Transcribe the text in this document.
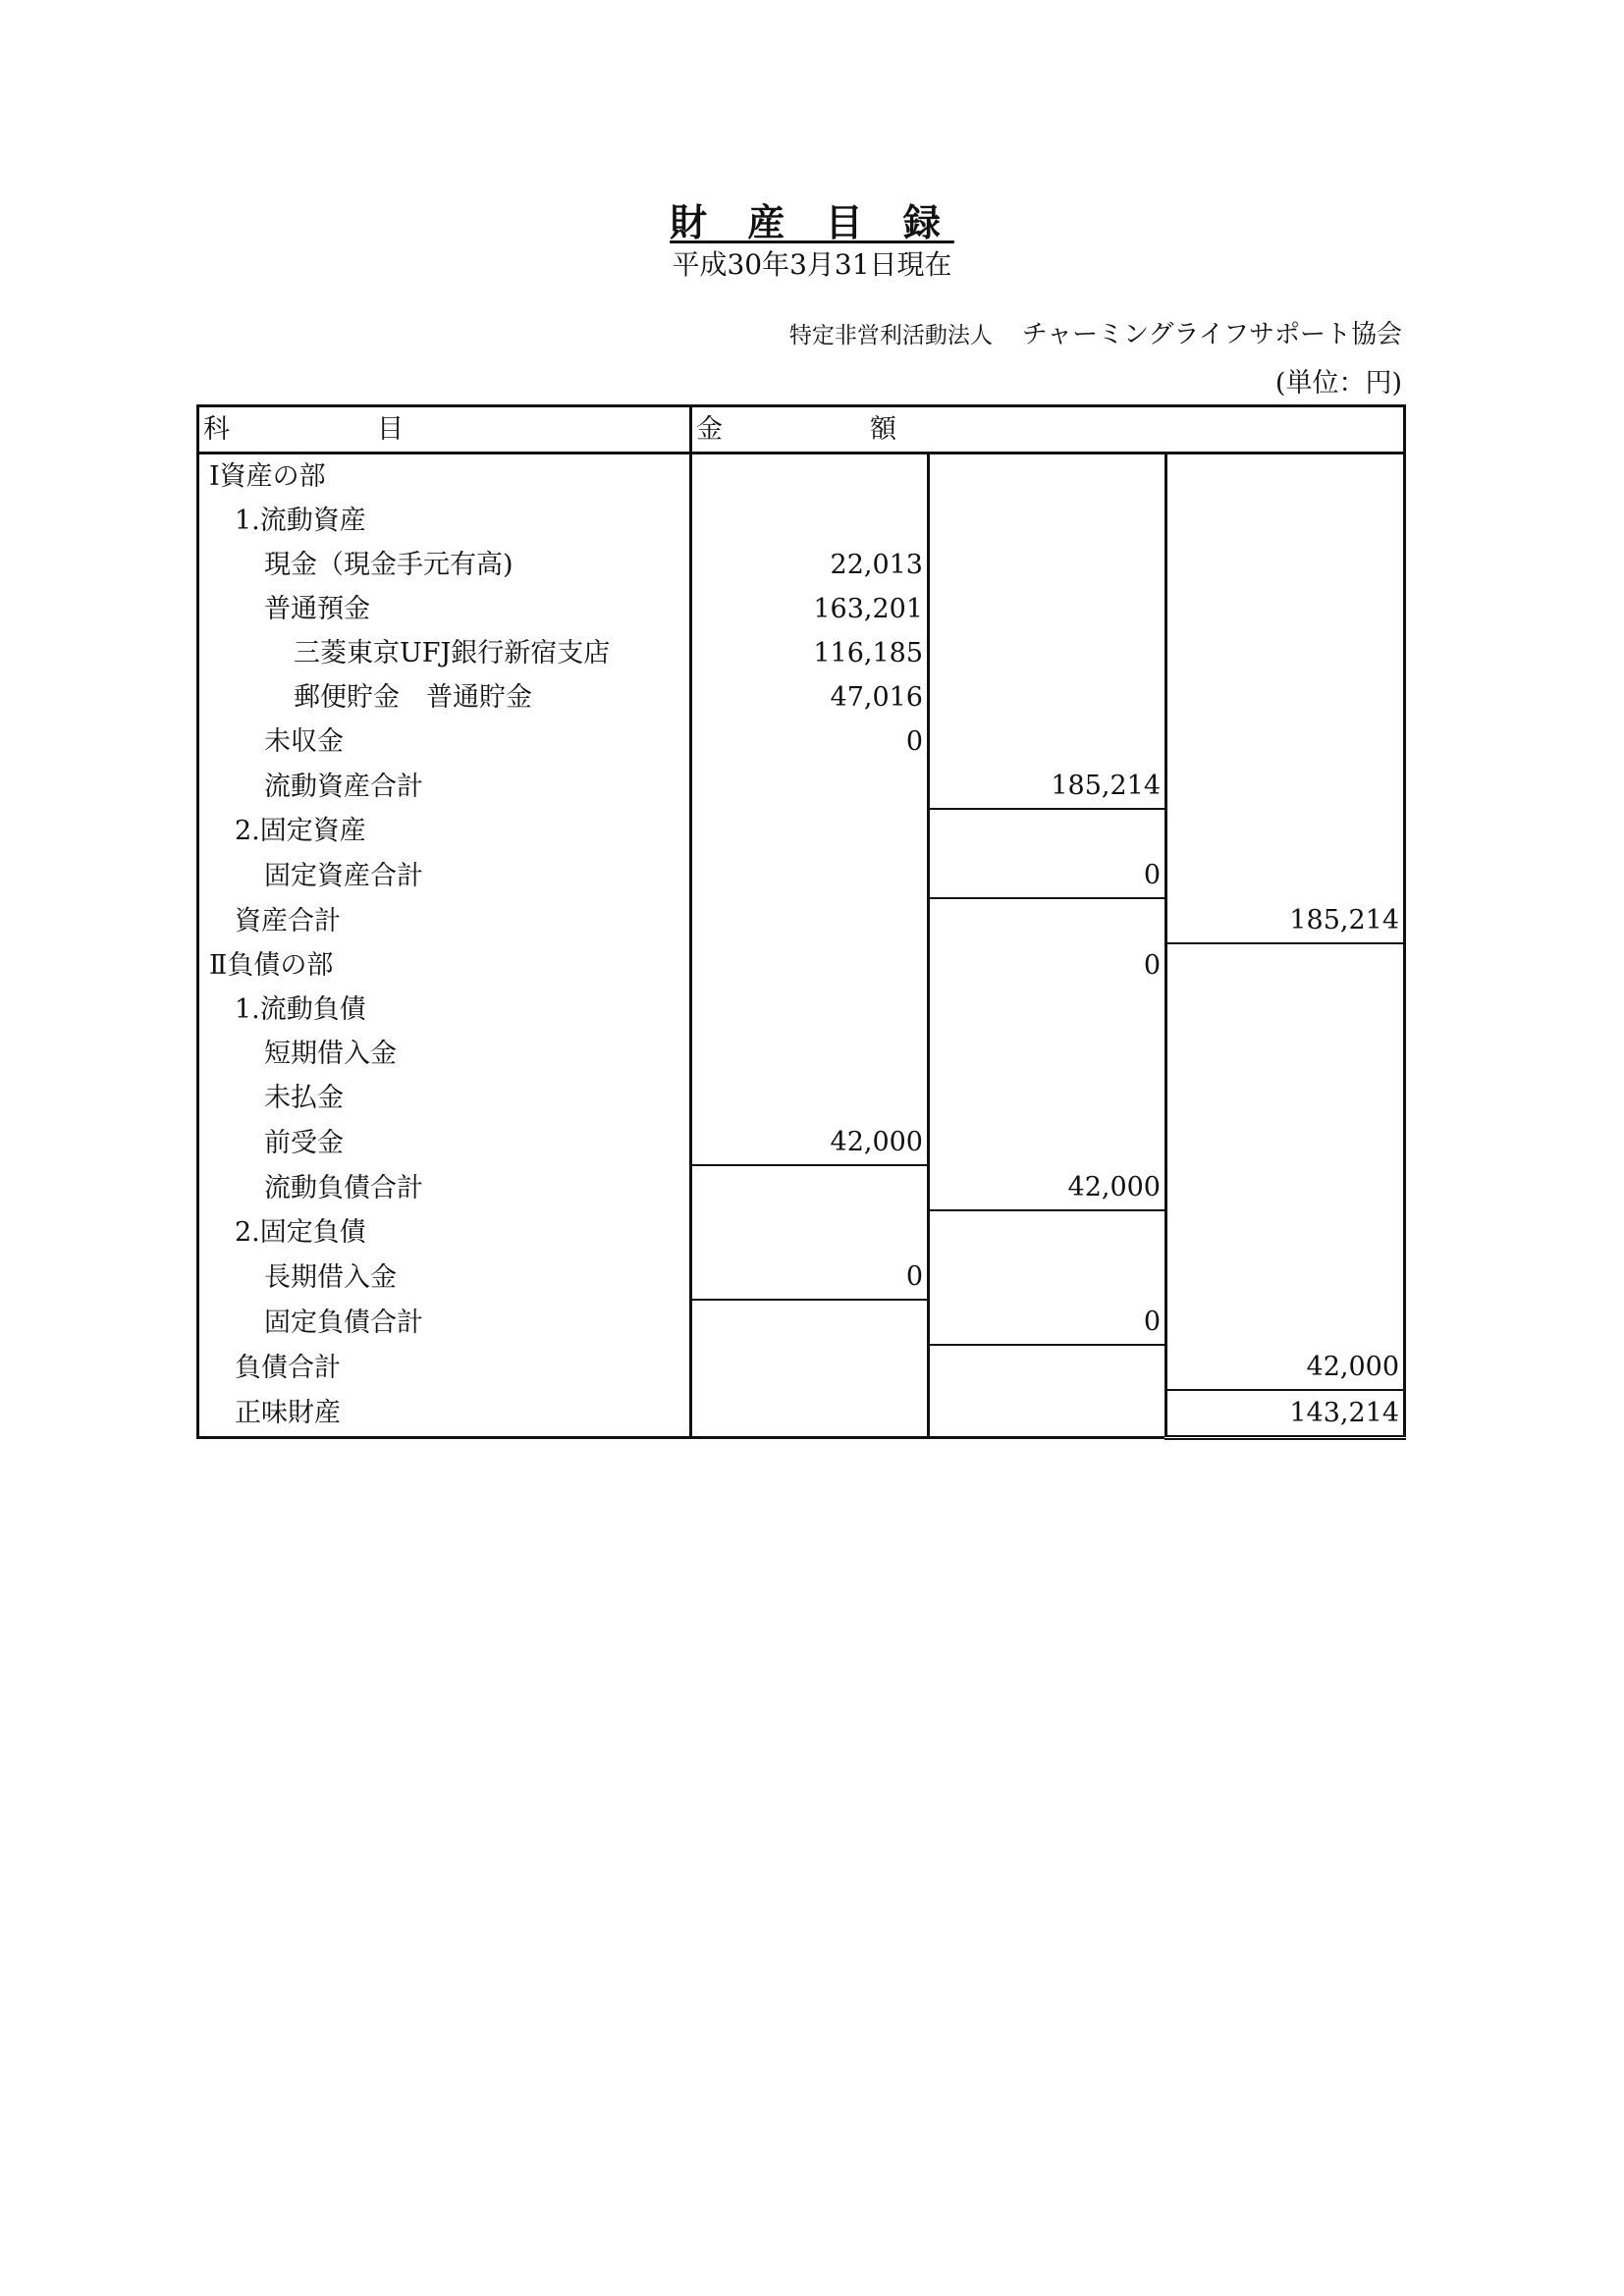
財 産 目 録
平成30年3月31日現在
特定非営利活動法人 チャーミングライフサポート協会
(単位：円)
科目	金額		
Ⅰ資産の部			
1.流動資産			
現金（現金手元有高)	22,013		
普通預金	163,201		
三菱東京UFJ銀行新宿支店	116,185		
郵便貯金　普通貯金	47,016		
未収金	0		
流動資産合計		185,214	
2.固定資産			
固定資産合計		0	
資産合計			185,214
Ⅱ負債の部		0	
1.流動負債			
短期借入金			
未払金			
前受金	42,000		
流動負債合計		42,000	
2.固定負債			
長期借入金	0		
固定負債合計		0	
負債合計			42,000
正味財産			143,214
